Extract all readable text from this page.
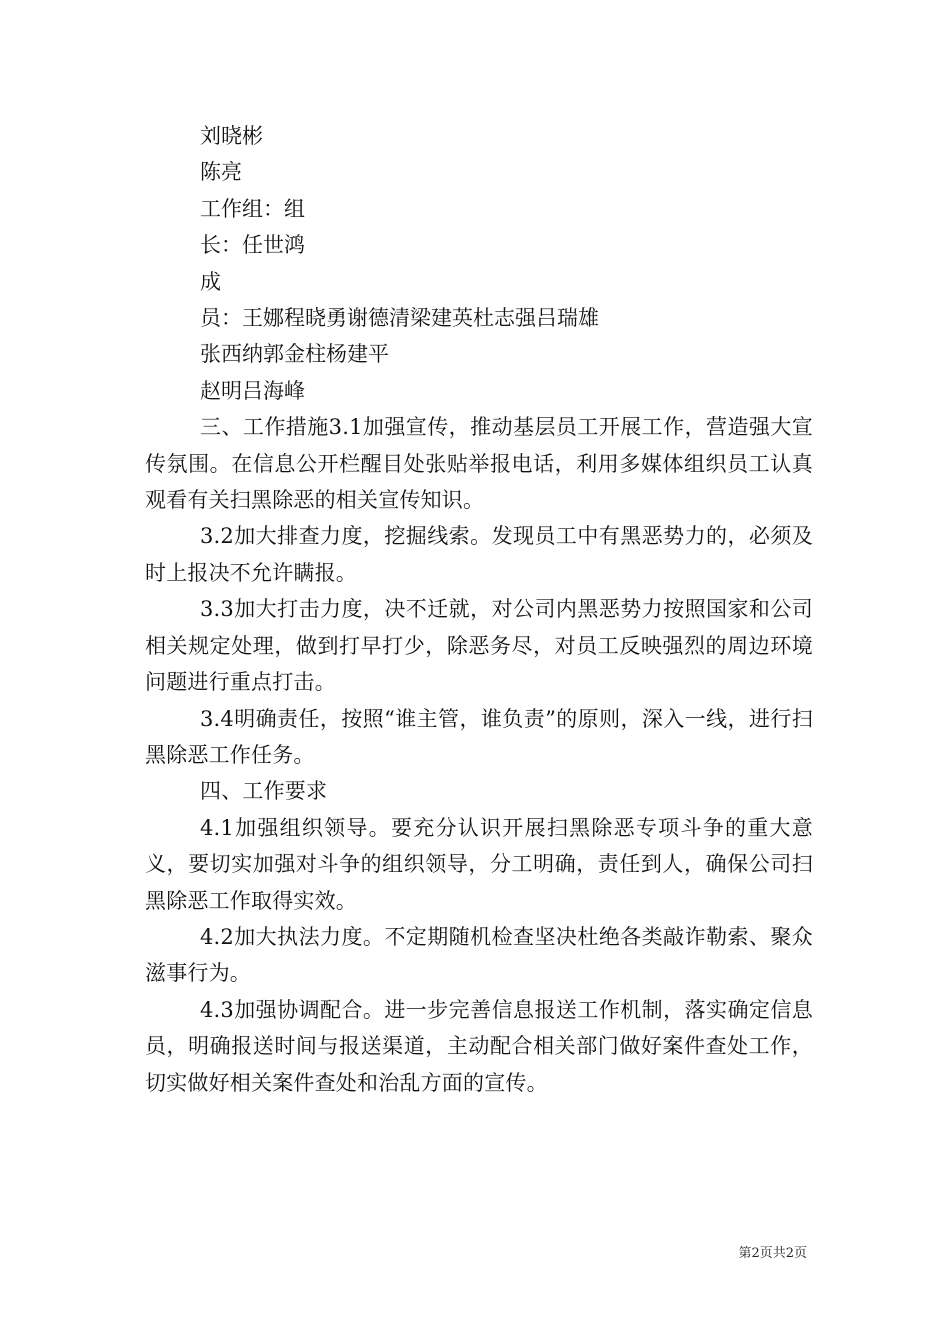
刘晓彬

陈亮

工作组：组

长：任世鸿

成

员：王娜程晓勇谢德清梁建英杜志强吕瑞雄

张西纳郭金柱杨建平

赵明吕海峰

三、工作措施3.1加强宣传，推动基层员工开展工作，营造强大宣传氛围。在信息公开栏醒目处张贴举报电话，利用多媒体组织员工认真观看有关扫黑除恶的相关宣传知识。

3.2加大排查力度，挖掘线索。发现员工中有黑恶势力的，必须及时上报决不允许瞒报。

3.3加大打击力度，决不迁就，对公司内黑恶势力按照国家和公司相关规定处理，做到打早打少，除恶务尽，对员工反映强烈的周边环境问题进行重点打击。

3.4明确责任，按照“谁主管，谁负责”的原则，深入一线，进行扫黑除恶工作任务。

四、工作要求

4.1加强组织领导。要充分认识开展扫黑除恶专项斗争的重大意义，要切实加强对斗争的组织领导，分工明确，责任到人，确保公司扫黑除恶工作取得实效。

4.2加大执法力度。不定期随机检查坚决杜绝各类敲诈勒索、聚众滋事行为。

4.3加强协调配合。进一步完善信息报送工作机制，落实确定信息员，明确报送时间与报送渠道，主动配合相关部门做好案件查处工作，切实做好相关案件查处和治乱方面的宣传。

第2页共2页
